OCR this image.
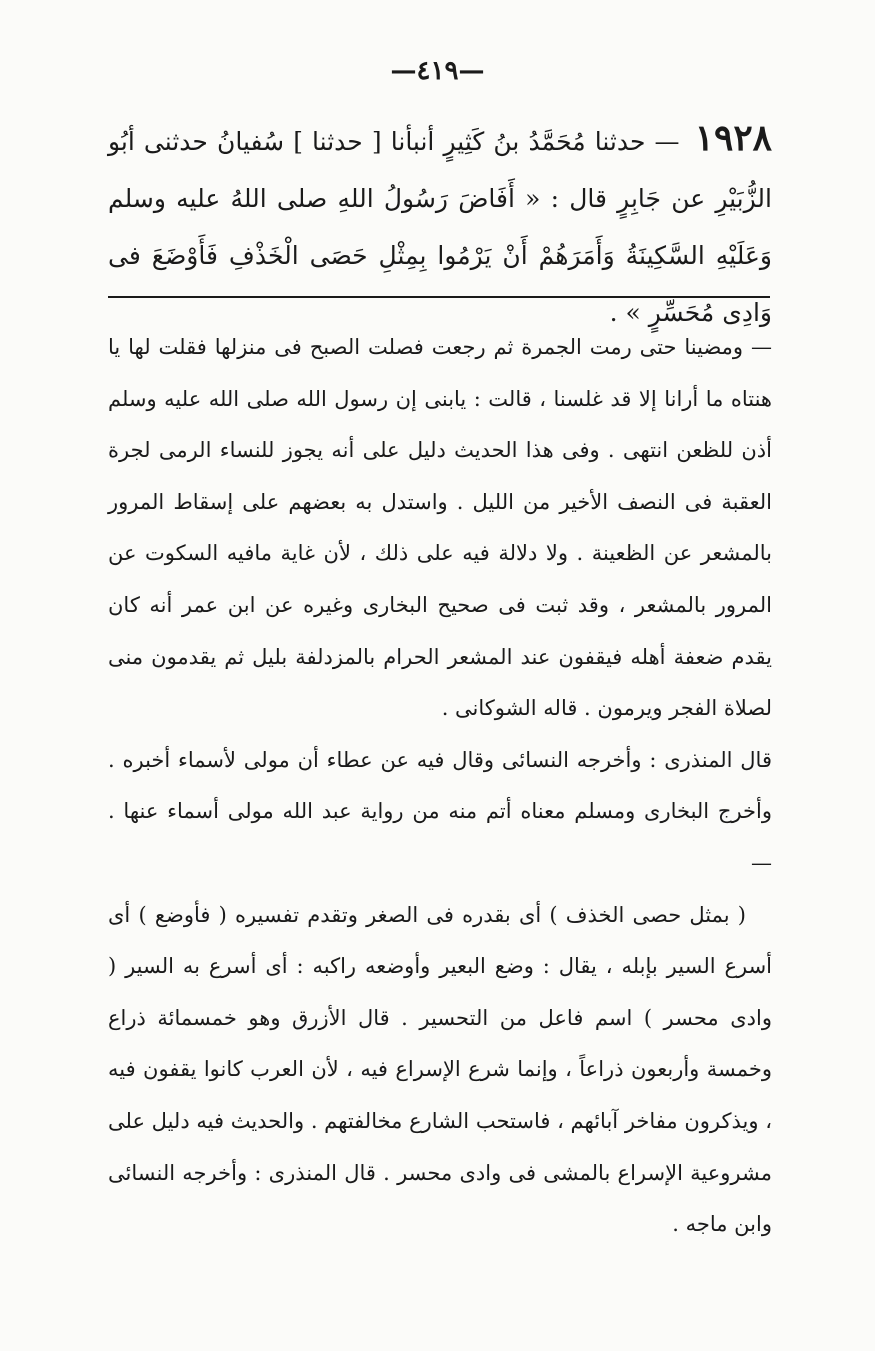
—٤١٩—
١٩٢٨ — حدثنا مُحَمَّدُ بنُ كَثِيرٍ أنبأنا [ حدثنا ] سُفيانُ حدثنى أبُو الزُّبَيْرِ عن جَابِرٍ قال : « أَفَاضَ رَسُولُ اللهِ صلى اللهُ عليه وسلم وَعَلَيْهِ السَّكِينَةُ وَأَمَرَهُمْ أَنْ يَرْمُوا بِمِثْلِ حَصَى الْخَذْفِ فَأَوْضَعَ فى وَادِى مُحَسِّرٍ » .

— ومضينا حتى رمت الجمرة ثم رجعت فصلت الصبح فى منزلها فقلت لها يا هنتاه ما أرانا إلا قد غلسنا ، قالت : يابنى إن رسول الله صلى الله عليه وسلم أذن للظعن انتهى . وفى هذا الحديث دليل على أنه يجوز للنساء الرمى لجرة العقبة فى النصف الأخير من الليل . واستدل به بعضهم على إسقاط المرور بالمشعر عن الظعينة . ولا دلالة فيه على ذلك ، لأن غاية مافيه السكوت عن المرور بالمشعر ، وقد ثبت فى صحيح البخارى وغيره عن ابن عمر أنه كان يقدم ضعفة أهله فيقفون عند المشعر الحرام بالمزدلفة بليل ثم يقدمون منى لصلاة الفجر ويرمون . قاله الشوكانى .

قال المنذرى : وأخرجه النسائى وقال فيه عن عطاء أن مولى لأسماء أخبره . وأخرج البخارى ومسلم معناه أتم منه من رواية عبد الله مولى أسماء عنها . —

( بمثل حصى الخذف ) أى بقدره فى الصغر وتقدم تفسيره ( فأوضع ) أى أسرع السير بإبله ، يقال : وضع البعير وأوضعه راكبه : أى أسرع به السير ( وادى محسر ) اسم فاعل من التحسير . قال الأزرق وهو خمسمائة ذراع وخمسة وأربعون ذراعاً ، وإنما شرع الإسراع فيه ، لأن العرب كانوا يقفون فيه ، ويذكرون مفاخر آبائهم ، فاستحب الشارع مخالفتهم . والحديث فيه دليل على مشروعية الإسراع بالمشى فى وادى محسر . قال المنذرى : وأخرجه النسائى وابن ماجه .
